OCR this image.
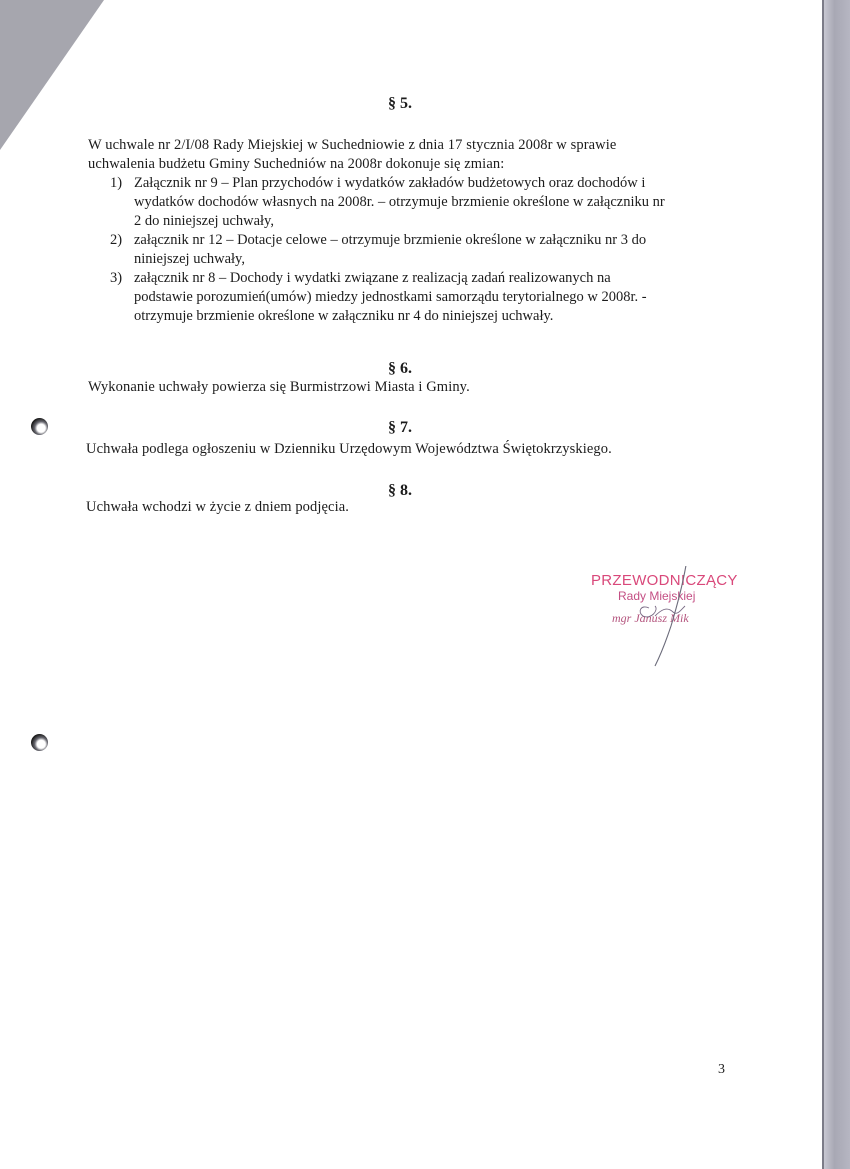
§ 5.
W uchwale nr 2/I/08 Rady Miejskiej w Suchedniowie z dnia 17 stycznia 2008r w sprawie
uchwalenia budżetu Gminy Suchedniów na 2008r dokonuje się zmian:
1) Załącznik nr 9 – Plan przychodów i wydatków zakładów budżetowych oraz dochodów i
wydatków dochodów własnych na 2008r. – otrzymuje brzmienie określone w załączniku nr
2 do niniejszej uchwały,
2) załącznik nr 12 – Dotacje celowe – otrzymuje brzmienie określone w załączniku nr 3 do
niniejszej uchwały,
3) załącznik nr 8 – Dochody i wydatki związane z realizacją zadań realizowanych na
podstawie porozumień(umów) miedzy jednostkami samorządu terytorialnego w 2008r. -
otrzymuje brzmienie określone w załączniku nr 4 do niniejszej uchwały.
§ 6.
Wykonanie uchwały powierza się Burmistrzowi Miasta i Gminy.
§ 7.
Uchwała podlega ogłoszeniu w Dzienniku Urzędowym Województwa Świętokrzyskiego.
§ 8.
Uchwała wchodzi w życie z dniem podjęcia.
PRZEWODNICZĄCY
Rady Miejskiej
mgr Janusz Mik
3
